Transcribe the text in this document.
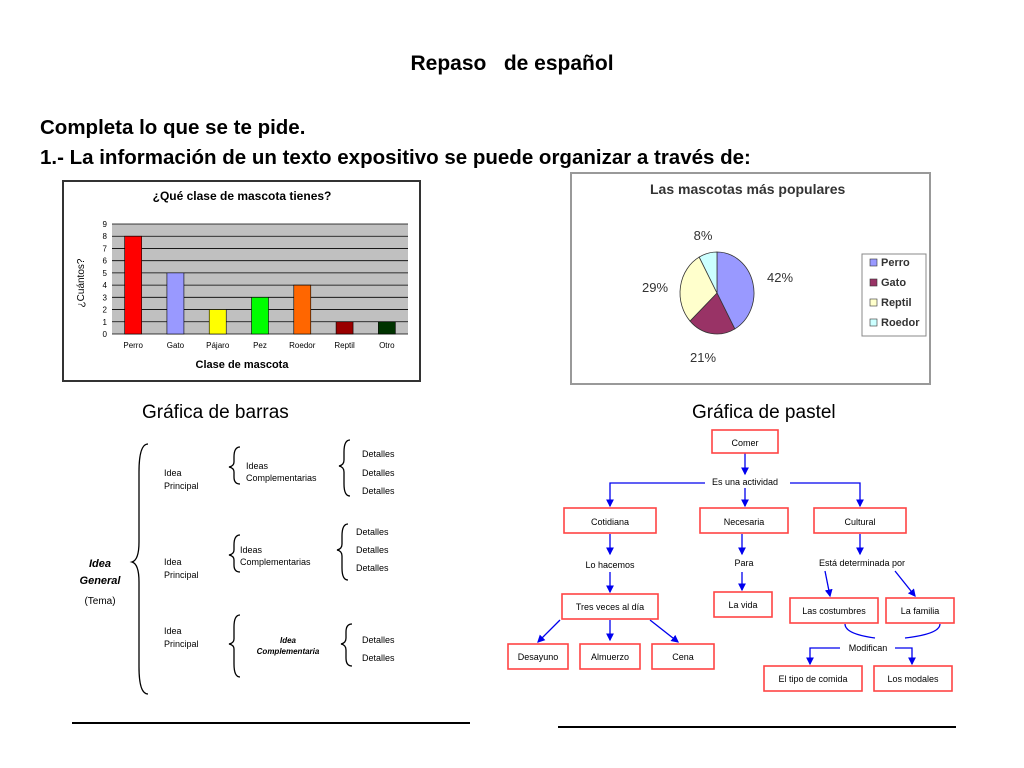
Repaso   de español
Completa lo que se te pide.
1.- La información de un texto expositivo se puede organizar a través de:
¿Qué clase de mascota tienes?
0
1
2
3
4
5
6
7
8
9
Perro	Gato	Pájaro	Pez	Roedor Reptil	Otro
Clase de mascota
¿Cuántos?
Las mascotas más populares
42%
21%
29%
8%
Perro
Gato
Reptil
Roedor
Gráfica de barras	Gráfica de pastel
Idea
General
(Tema)
Idea
Principal
Idea
Principal
Idea
Principal
Ideas
Complementarias
Ideas
Complementarias
Idea
Complementaria
Detalles
Detalles
Detalles
Detalles
Detalles
Detalles
Detalles
Detalles
Comer
Es una actividad
Cotidiana	Necesaria	Cultural
Lo hacemos	Para	Está determinada por
Tres veces al día	La vida
Las costumbres	La familia
Desayuno	Almuerzo	Cena
Modifican
El tipo de comida	Los modales
